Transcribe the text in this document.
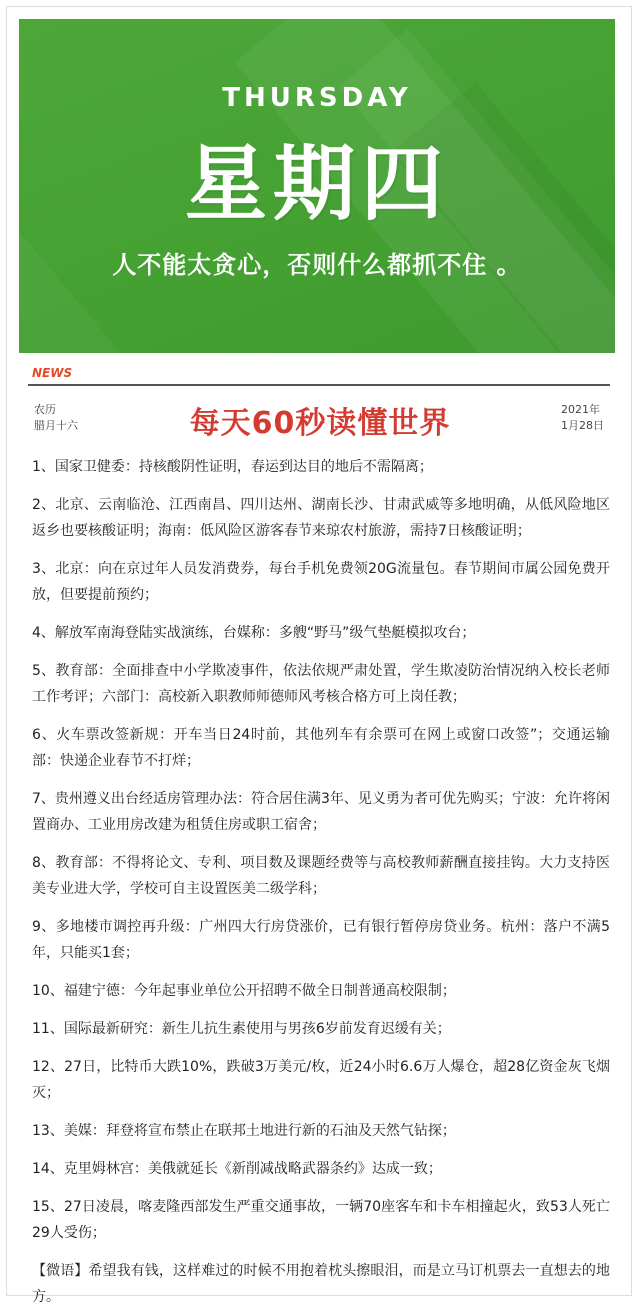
THURSDAY
星期四
人不能太贪心，否则什么都抓不住 。
NEWS
农历
腊月十六	每天60秒读懂世界	2021年
1月28日

1、国家卫健委：持核酸阴性证明，春运到达目的地后不需隔离；

2、北京、云南临沧、江西南昌、四川达州、湖南长沙、甘肃武威等多地明确，从低风险地区返乡也要核酸证明；海南：低风险区游客春节来琼农村旅游，需持7日核酸证明；

3、北京：向在京过年人员发消费券，每台手机免费领20G流量包。春节期间市属公园免费开放，但要提前预约；

4、解放军南海登陆实战演练，台媒称：多艘“野马”级气垫艇模拟攻台；

5、教育部：全面排查中小学欺凌事件，依法依规严肃处置，学生欺凌防治情况纳入校长老师工作考评；六部门：高校新入职教师师德师风考核合格方可上岗任教；

6、火车票改签新规：开车当日24时前，其他列车有余票可在网上或窗口改签”；交通运输部：快递企业春节不打烊；

7、贵州遵义出台经适房管理办法：符合居住满3年、见义勇为者可优先购买；宁波：允许将闲置商办、工业用房改建为租赁住房或职工宿舍；

8、教育部：不得将论文、专利、项目数及课题经费等与高校教师薪酬直接挂钩。大力支持医美专业进大学，学校可自主设置医美二级学科；

9、多地楼市调控再升级：广州四大行房贷涨价，已有银行暂停房贷业务。杭州：落户不满5年，只能买1套；

10、福建宁德：今年起事业单位公开招聘不做全日制普通高校限制；

11、国际最新研究：新生儿抗生素使用与男孩6岁前发育迟缓有关；

12、27日，比特币大跌10%，跌破3万美元/枚，近24小时6.6万人爆仓，超28亿资金灰飞烟灭；

13、美媒：拜登将宣布禁止在联邦土地进行新的石油及天然气钻探；

14、克里姆林宫：美俄就延长《新削减战略武器条约》达成一致；

15、27日凌晨，喀麦隆西部发生严重交通事故，一辆70座客车和卡车相撞起火，致53人死亡29人受伤；

【微语】希望我有钱，这样难过的时候不用抱着枕头擦眼泪，而是立马订机票去一直想去的地方。
